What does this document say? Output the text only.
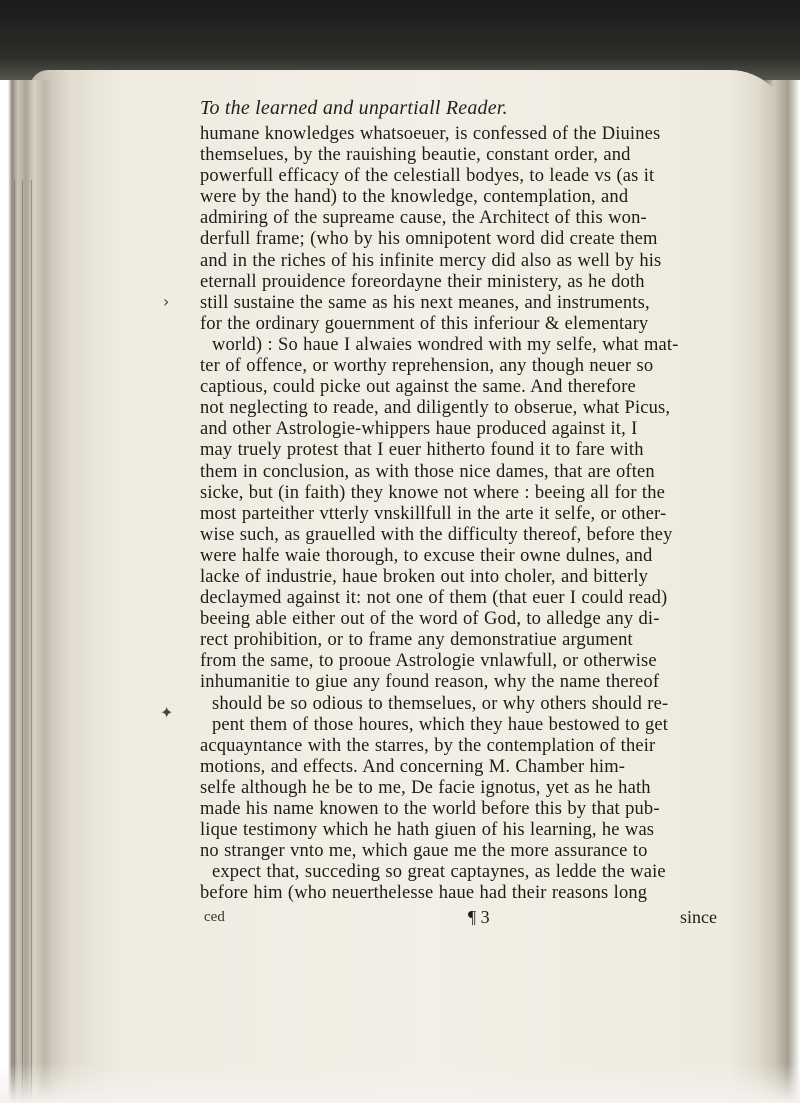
›
✦
To the learned and unpartiall Reader.
humane knowledges whatsoeuer, is confessed of the Diuines
themselues, by the rauishing beautie, constant order, and
powerfull efficacy of the celestiall bodyes, to leade vs (as it
were by the hand) to the knowledge, contemplation, and
admiring of the supreame cause, the Architect of this won-
derfull frame; (who by his omnipotent word did create them
and in the riches of his infinite mercy did also as well by his
eternall prouidence foreordayne their ministery, as he doth
still sustaine the same as his next meanes, and instruments,
for the ordinary gouernment of this inferiour & elementary
world) : So haue I alwaies wondred with my selfe, what mat-
ter of offence, or worthy reprehension, any though neuer so
captious, could picke out against the same. And therefore
not neglecting to reade, and diligently to obserue, what Picus,
and other Astrologie-whippers haue produced against it, I
may truely protest that I euer hitherto found it to fare with
them in conclusion, as with those nice dames, that are often
sicke, but (in faith) they knowe not where : beeing all for the
most parteither vtterly vnskillfull in the arte it selfe, or other-
wise such, as grauelled with the difficulty thereof, before they
were halfe waie thorough, to excuse their owne dulnes, and
lacke of industrie, haue broken out into choler, and bitterly
declaymed against it: not one of them (that euer I could read)
beeing able either out of the word of God, to alledge any di-
rect prohibition, or to frame any demonstratiue argument
from the same, to prooue Astrologie vnlawfull, or otherwise
inhumanitie to giue any found reason, why the name thereof
should be so odious to themselues, or why others should re-
pent them of those houres, which they haue bestowed to get
acquayntance with the starres, by the contemplation of their
motions, and effects. And concerning M. Chamber him-
selfe although he be to me, De facie ignotus, yet as he hath
made his name knowen to the world before this by that pub-
lique testimony which he hath giuen of his learning, he was
no stranger vnto me, which gaue me the more assurance to
expect that, succeding so great captaynes, as ledde the waie
before him (who neuerthelesse haue had their reasons long
ced	¶ 3	since
